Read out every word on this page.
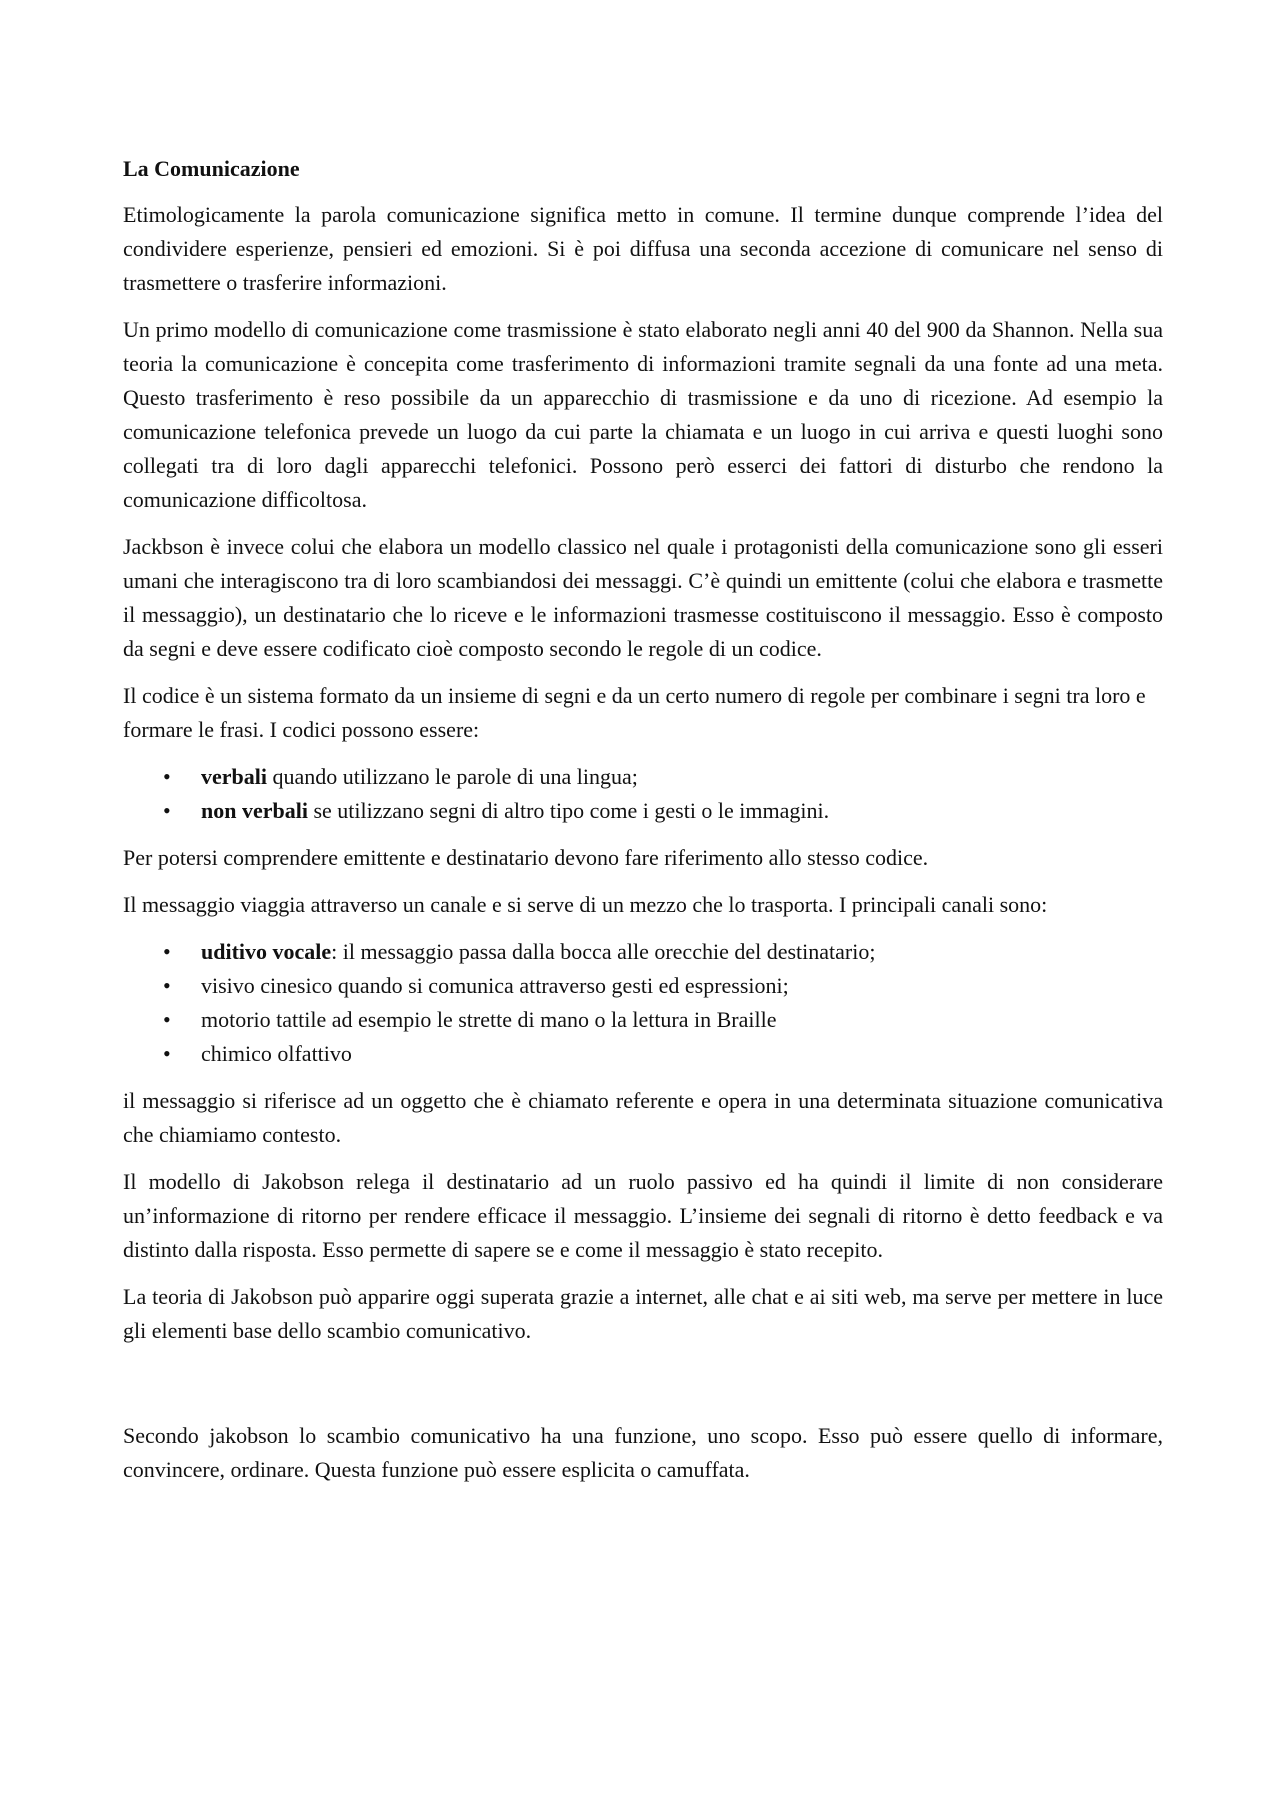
La Comunicazione

Etimologicamente la parola comunicazione significa metto in comune. Il termine dunque comprende l’idea del condividere esperienze, pensieri ed emozioni. Si è poi diffusa una seconda accezione di comunicare nel senso di trasmettere o trasferire informazioni.

Un primo modello di comunicazione come trasmissione è stato elaborato negli anni 40 del 900 da Shannon. Nella sua teoria la comunicazione è concepita come trasferimento di informazioni tramite segnali da una fonte ad una meta. Questo trasferimento è reso possibile da un apparecchio di trasmissione e da uno di ricezione. Ad esempio la comunicazione telefonica prevede un luogo da cui parte la chiamata e un luogo in cui arriva e questi luoghi sono collegati tra di loro dagli apparecchi telefonici. Possono però esserci dei fattori di disturbo che rendono la comunicazione difficoltosa.

Jackbson è invece colui che elabora un modello classico nel quale i protagonisti della comunicazione sono gli esseri umani che interagiscono tra di loro scambiandosi dei messaggi. C’è quindi un emittente (colui che elabora e trasmette il messaggio), un destinatario che lo riceve e le informazioni trasmesse costituiscono il messaggio. Esso è composto da segni e deve essere codificato cioè composto secondo le regole di un codice.

Il codice è un sistema formato da un insieme di segni e da un certo numero di regole per combinare i segni tra loro e formare le frasi. I codici possono essere:

• verbali quando utilizzano le parole di una lingua;
• non verbali se utilizzano segni di altro tipo come i gesti o le immagini.

Per potersi comprendere emittente e destinatario devono fare riferimento allo stesso codice.

Il messaggio viaggia attraverso un canale e si serve di un mezzo che lo trasporta. I principali canali sono:

• uditivo vocale: il messaggio passa dalla bocca alle orecchie del destinatario;
• visivo cinesico quando si comunica attraverso gesti ed espressioni;
• motorio tattile ad esempio le strette di mano o la lettura in Braille
• chimico olfattivo

il messaggio si riferisce ad un oggetto che è chiamato referente e opera in una determinata situazione comunicativa che chiamiamo contesto.

Il modello di Jakobson relega il destinatario ad un ruolo passivo ed ha quindi il limite di non considerare un’informazione di ritorno per rendere efficace il messaggio. L’insieme dei segnali di ritorno è detto feedback e va distinto dalla risposta. Esso permette di sapere se e come il messaggio è stato recepito.

La teoria di Jakobson può apparire oggi superata grazie a internet, alle chat e ai siti web, ma serve per mettere in luce gli elementi base dello scambio comunicativo.

Secondo jakobson lo scambio comunicativo ha una funzione, uno scopo. Esso può essere quello di informare, convincere, ordinare. Questa funzione può essere esplicita o camuffata.
